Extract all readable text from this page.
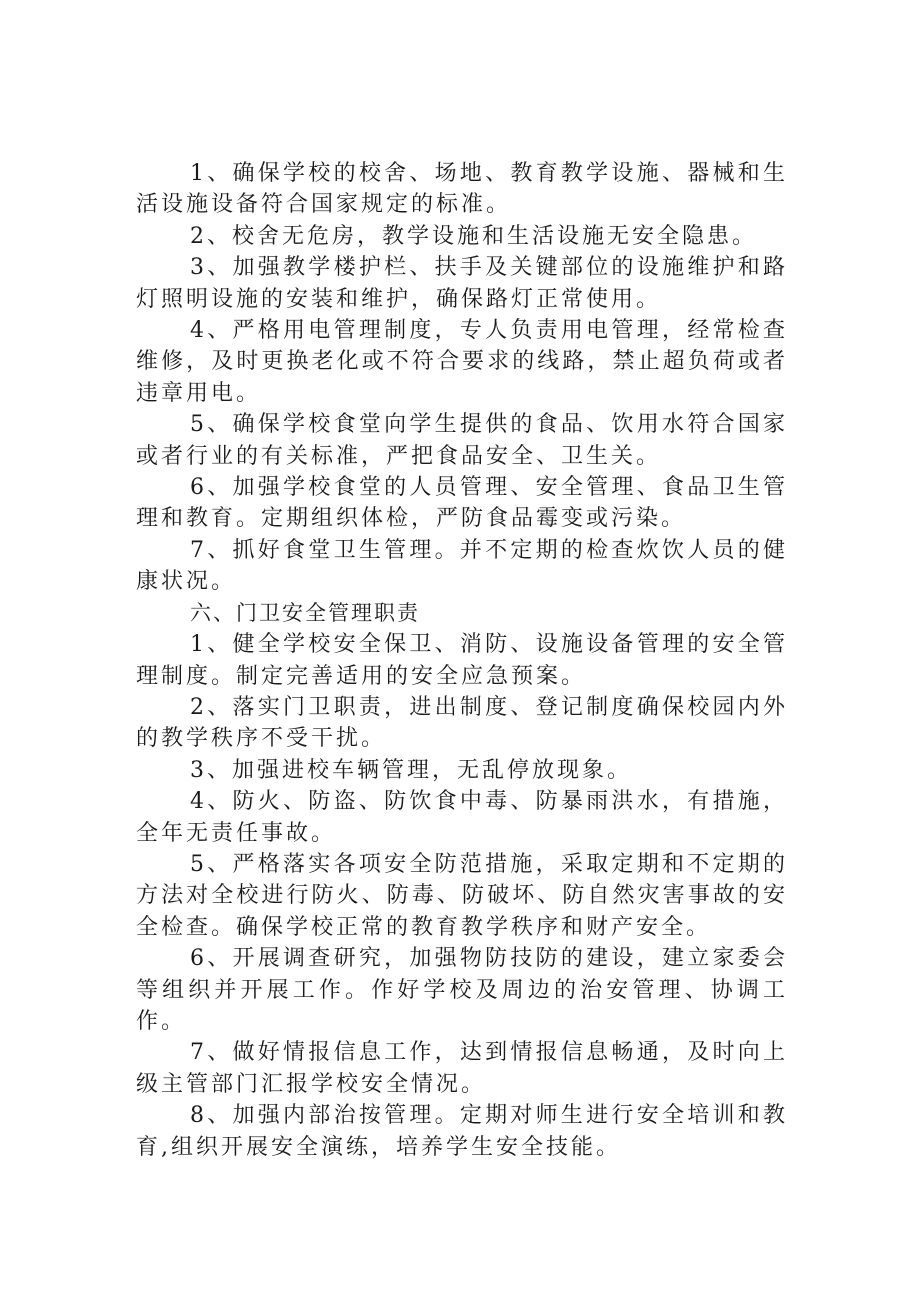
1、确保学校的校舍、场地、教育教学设施、器械和生活设施设备符合国家规定的标准。

2、校舍无危房，教学设施和生活设施无安全隐患。

3、加强教学楼护栏、扶手及关键部位的设施维护和路灯照明设施的安装和维护，确保路灯正常使用。

4、严格用电管理制度，专人负责用电管理，经常检查维修，及时更换老化或不符合要求的线路，禁止超负荷或者违章用电。

5、确保学校食堂向学生提供的食品、饮用水符合国家或者行业的有关标准，严把食品安全、卫生关。

6、加强学校食堂的人员管理、安全管理、食品卫生管理和教育。定期组织体检，严防食品霉变或污染。

7、抓好食堂卫生管理。并不定期的检查炊饮人员的健康状况。

六、门卫安全管理职责

1、健全学校安全保卫、消防、设施设备管理的安全管理制度。制定完善适用的安全应急预案。

2、落实门卫职责，进出制度、登记制度确保校园内外的教学秩序不受干扰。

3、加强进校车辆管理，无乱停放现象。

4、防火、防盗、防饮食中毒、防暴雨洪水，有措施，全年无责任事故。

5、严格落实各项安全防范措施，采取定期和不定期的方法对全校进行防火、防毒、防破坏、防自然灾害事故的安全检查。确保学校正常的教育教学秩序和财产安全。

6、开展调查研究，加强物防技防的建设，建立家委会等组织并开展工作。作好学校及周边的治安管理、协调工作。

7、做好情报信息工作，达到情报信息畅通，及时向上级主管部门汇报学校安全情况。

8、加强内部治按管理。定期对师生进行安全培训和教育,组织开展安全演练，培养学生安全技能。
